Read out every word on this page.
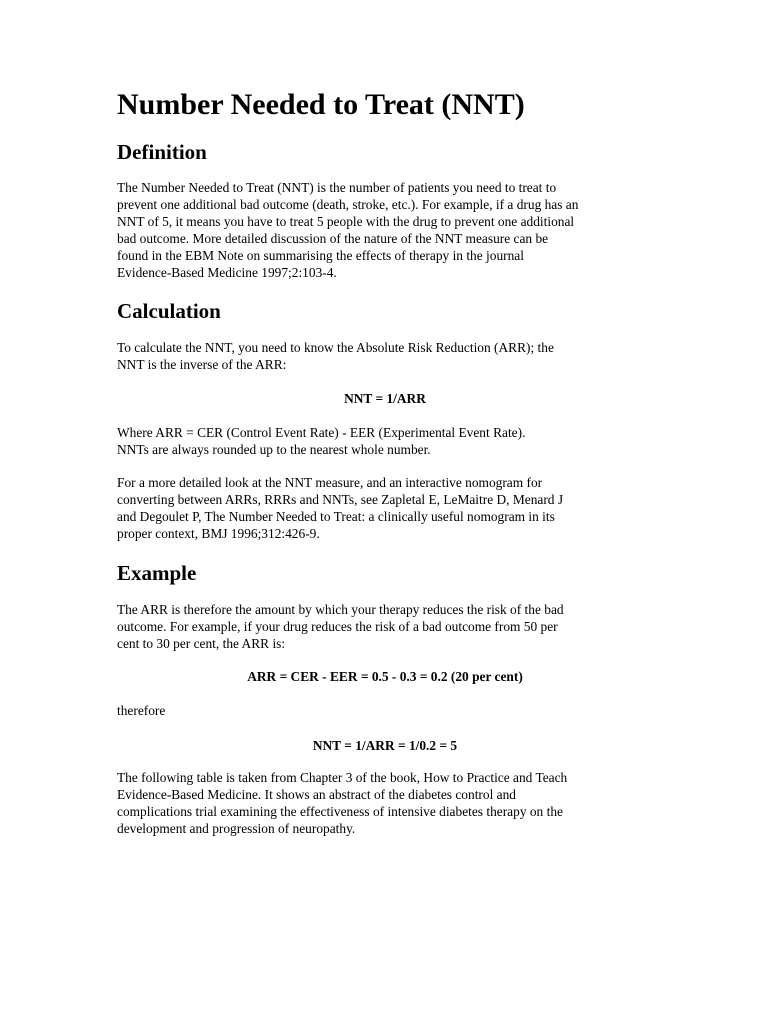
Number Needed to Treat (NNT)
Definition

The Number Needed to Treat (NNT) is the number of patients you need to treat to
prevent one additional bad outcome (death, stroke, etc.). For example, if a drug has an
NNT of 5, it means you have to treat 5 people with the drug to prevent one additional
bad outcome. More detailed discussion of the nature of the NNT measure can be
found in the EBM Note on summarising the effects of therapy in the journal
Evidence-Based Medicine 1997;2:103-4.

Calculation

To calculate the NNT, you need to know the Absolute Risk Reduction (ARR); the
NNT is the inverse of the ARR:

NNT = 1/ARR

Where ARR = CER (Control Event Rate) - EER (Experimental Event Rate).
NNTs are always rounded up to the nearest whole number.

For a more detailed look at the NNT measure, and an interactive nomogram for
converting between ARRs, RRRs and NNTs, see Zapletal E, LeMaitre D, Menard J
and Degoulet P, The Number Needed to Treat: a clinically useful nomogram in its
proper context, BMJ 1996;312:426-9.

Example

The ARR is therefore the amount by which your therapy reduces the risk of the bad
outcome. For example, if your drug reduces the risk of a bad outcome from 50 per
cent to 30 per cent, the ARR is:

ARR = CER - EER = 0.5 - 0.3 = 0.2 (20 per cent)

therefore

NNT = 1/ARR = 1/0.2 = 5

The following table is taken from Chapter 3 of the book, How to Practice and Teach
Evidence-Based Medicine. It shows an abstract of the diabetes control and
complications trial examining the effectiveness of intensive diabetes therapy on the
development and progression of neuropathy.
